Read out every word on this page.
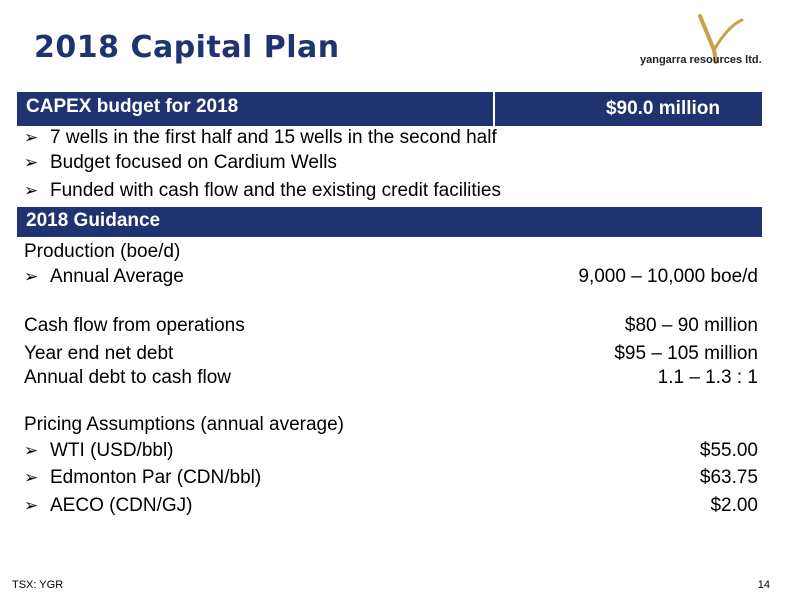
2018 Capital Plan	yangarra resources ltd.
CAPEX budget for 2018	$90.0 million
➢ 7 wells in the first half and 15 wells in the second half
➢ Budget focused on Cardium Wells
➢ Funded with cash flow and the existing credit facilities
2018 Guidance
Production (boe/d)
➢ Annual Average	9,000 – 10,000 boe/d
Cash flow from operations	$80 – 90 million
Year end net debt	$95 – 105 million
Annual debt to cash flow	1.1 – 1.3 : 1
Pricing Assumptions (annual average)
➢ WTI (USD/bbl)	$55.00
➢ Edmonton Par (CDN/bbl)	$63.75
➢ AECO (CDN/GJ)	$2.00
TSX: YGR	14
